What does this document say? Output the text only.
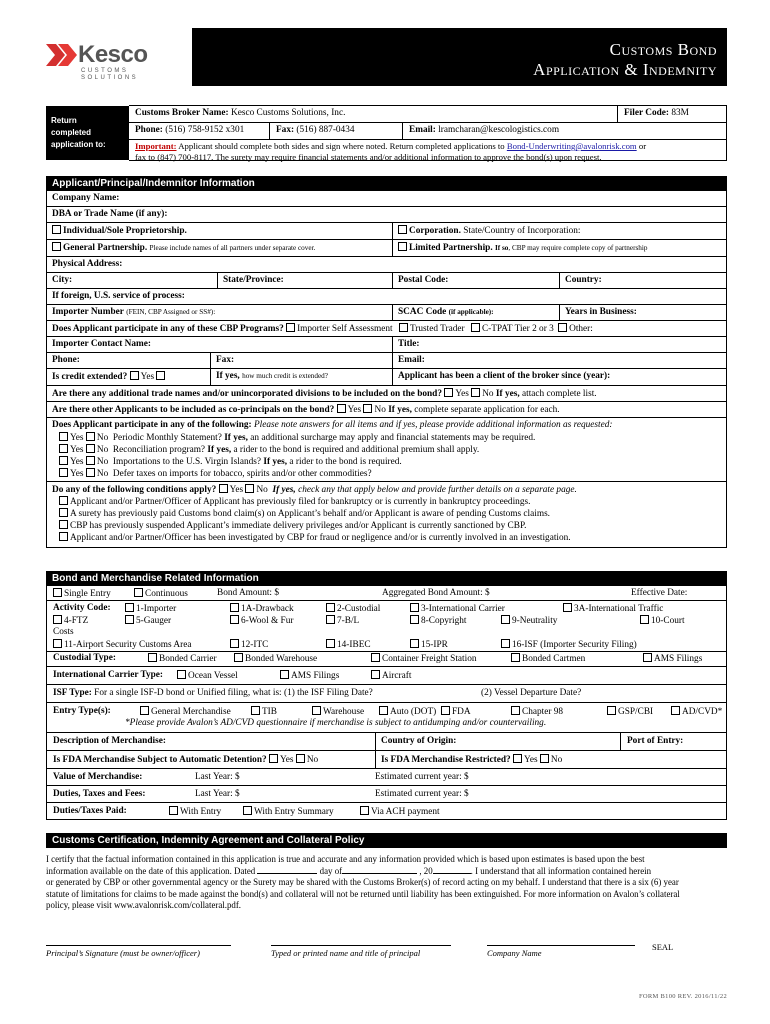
Kesco
CUSTOMS SOLUTIONS
Customs Bond
Application & Indemnity
Return
completed
application to:
Customs Broker Name: Kesco Customs Solutions, Inc.	Filer Code: 83M
Phone: (516) 758-9152 x301	Fax: (516) 887-0434	Email: lramcharan@kescologistics.com
Important: Applicant should complete both sides and sign where noted. Return completed applications to Bond-Underwriting@avalonrisk.com or
fax to (847) 700-8117. The surety may require financial statements and/or additional information to approve the bond(s) upon request.
Applicant/Principal/Indemnitor Information
Company Name:
DBA or Trade Name (if any):
Individual/Sole Proprietorship.	Corporation. State/Country of Incorporation:
General Partnership. Please include names of all partners under separate cover.	Limited Partnership. If so, CBP may require complete copy of partnership
Physical Address:
City:	State/Province:	Postal Code:	Country:
If foreign, U.S. service of process:
Importer Number (FEIN, CBP Assigned or SS#):	SCAC Code (if applicable):	Years in Business:
Does Applicant participate in any of these CBP Programs? Importer Self Assessment Trusted Trader C-TPAT Tier 2 or 3 Other:
Importer Contact Name:	Title:
Phone:	Fax:	Email:
Is credit extended? Yes	If yes, how much credit is extended?	Applicant has been a client of the broker since (year):
Are there any additional trade names and/or unincorporated divisions to be included on the bond? Yes No If yes, attach complete list.
Are there other Applicants to be included as co-principals on the bond? Yes No If yes, complete separate application for each.
Does Applicant participate in any of the following: Please note answers for all items and if yes, please provide additional information as requested:
Yes No Periodic Monthly Statement? If yes, an additional surcharge may apply and financial statements may be required.
Yes No Reconciliation program? If yes, a rider to the bond is required and additional premium shall apply.
Yes No Importations to the U.S. Virgin Islands? If yes, a rider to the bond is required.
Yes No Defer taxes on imports for tobacco, spirits and/or other commodities?
Do any of the following conditions apply? Yes No If yes, check any that apply below and provide further details on a separate page.
Applicant and/or Partner/Officer of Applicant has previously filed for bankruptcy or is currently in bankruptcy proceedings.
A surety has previously paid Customs bond claim(s) on Applicant’s behalf and/or Applicant is aware of pending Customs claims.
CBP has previously suspended Applicant’s immediate delivery privileges and/or Applicant is currently sanctioned by CBP.
Applicant and/or Partner/Officer has been investigated by CBP for fraud or negligence and/or is currently involved in an investigation.
Bond and Merchandise Related Information
Single Entry	Continuous	Bond Amount: $	Aggregated Bond Amount: $	Effective Date:
Activity Code:	1-Importer	1A-Drawback	2-Custodial	3-International Carrier	3A-International Traffic
4-FTZ	5-Gauger	6-Wool & Fur	7-B/L	8-Copyright	9-Neutrality	10-Court
Costs
11-Airport Security Customs Area	12-ITC	14-IBEC	15-IPR	16-ISF (Importer Security Filing)
Custodial Type:	Bonded Carrier	Bonded Warehouse	Container Freight Station	Bonded Cartmen	AMS Filings
International Carrier Type:	Ocean Vessel	AMS Filings	Aircraft
ISF Type: For a single ISF-D bond or Unified filing, what is: (1) the ISF Filing Date?	(2) Vessel Departure Date?
Entry Type(s):	General Merchandise	TIB	Warehouse	Auto (DOT)	FDA	Chapter 98	GSP/CBI	AD/CVD*
*Please provide Avalon’s AD/CVD questionnaire if merchandise is subject to antidumping and/or countervailing.
Description of Merchandise:	Country of Origin:	Port of Entry:
Is FDA Merchandise Subject to Automatic Detention? Yes No	Is FDA Merchandise Restricted? Yes No
Value of Merchandise:	Last Year: $	Estimated current year: $
Duties, Taxes and Fees:	Last Year: $	Estimated current year: $
Duties/Taxes Paid:	With Entry	With Entry Summary	Via ACH payment
Customs Certification, Indemnity Agreement and Collateral Policy
I certify that the factual information contained in this application is true and accurate and any information provided which is based upon estimates is based upon the best
information available on the date of this application. Dated	day of	, 20	. I understand that all information contained herein
or generated by CBP or other governmental agency or the Surety may be shared with the Customs Broker(s) of record acting on my behalf. I understand that there is a six (6) year
statute of limitations for claims to be made against the bond(s) and collateral will not be returned until liability has been extinguished. For more information on Avalon’s collateral
policy, please visit www.avalonrisk.com/collateral.pdf.
Principal’s Signature (must be owner/officer)	Typed or printed name and title of principal	Company Name
SEAL
FORM B100 REV. 2016/11/22
